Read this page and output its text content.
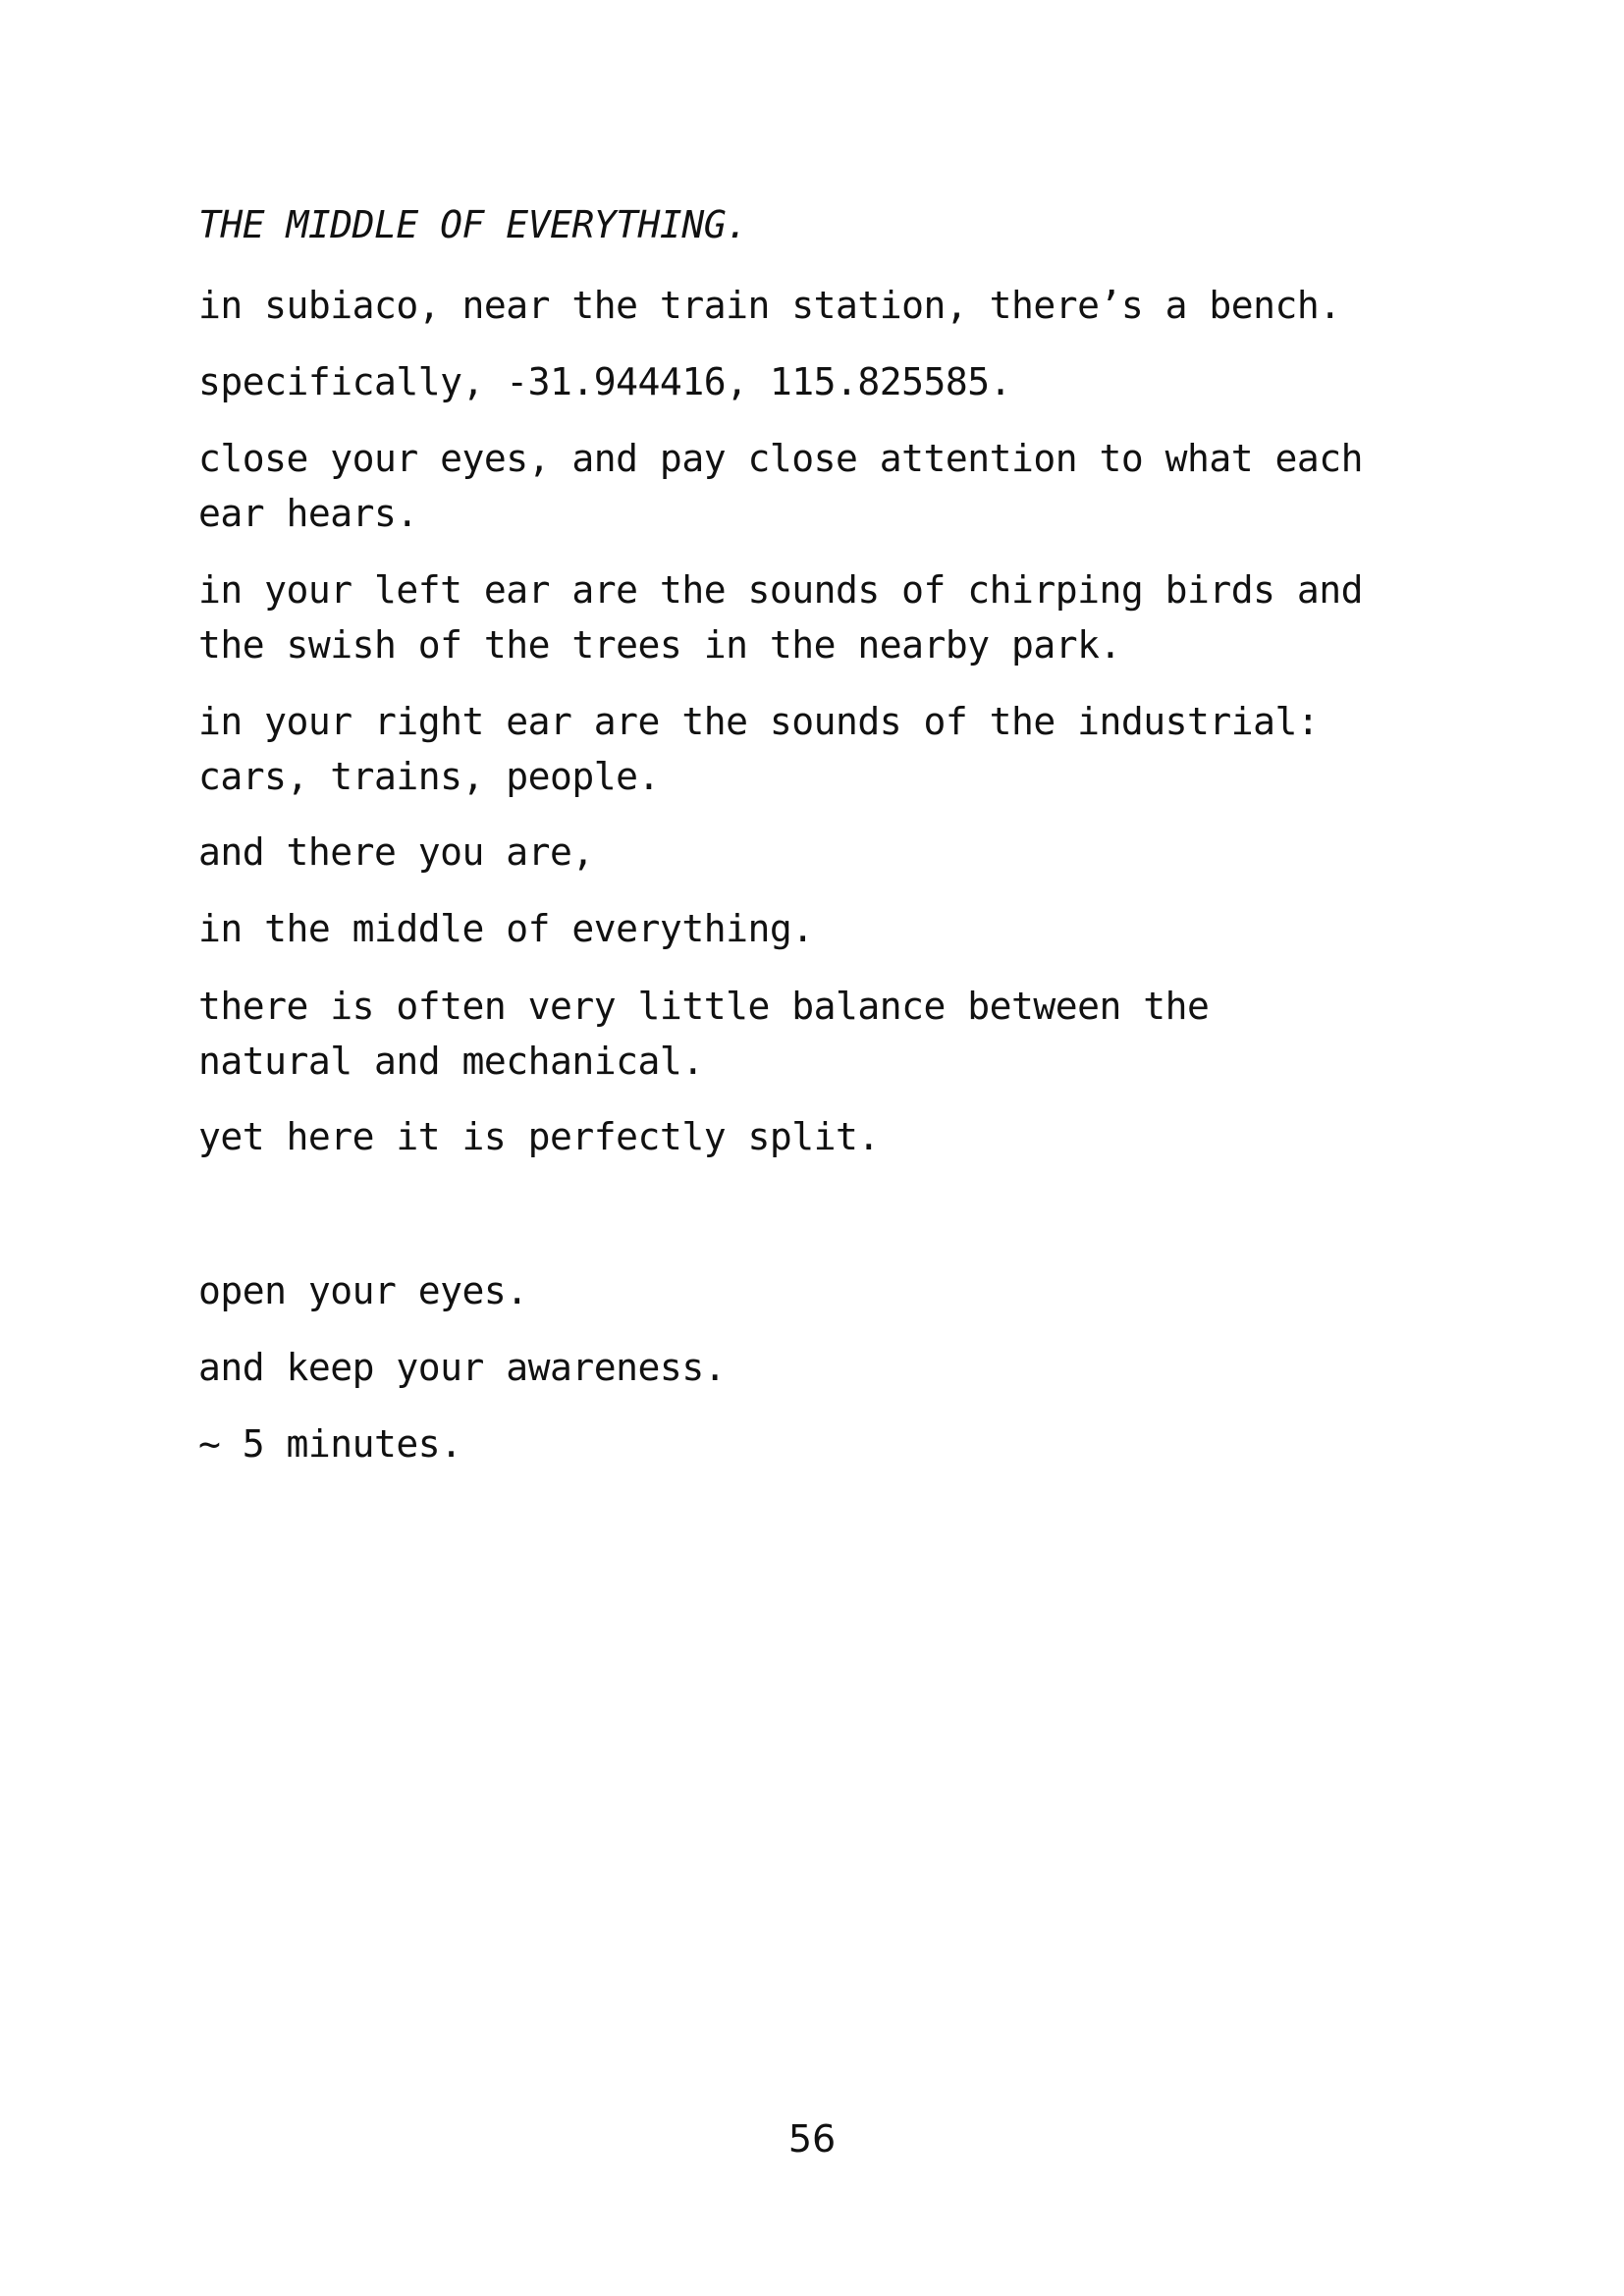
THE MIDDLE OF EVERYTHING.

in subiaco, near the train station, there’s a bench.

specifically, -31.944416, 115.825585.

close your eyes, and pay close attention to what each
ear hears.

in your left ear are the sounds of chirping birds and
the swish of the trees in the nearby park.

in your right ear are the sounds of the industrial:
cars, trains, people.

and there you are,

in the middle of everything.

there is often very little balance between the
natural and mechanical.

yet here it is perfectly split.

open your eyes.

and keep your awareness.

~ 5 minutes.

56
